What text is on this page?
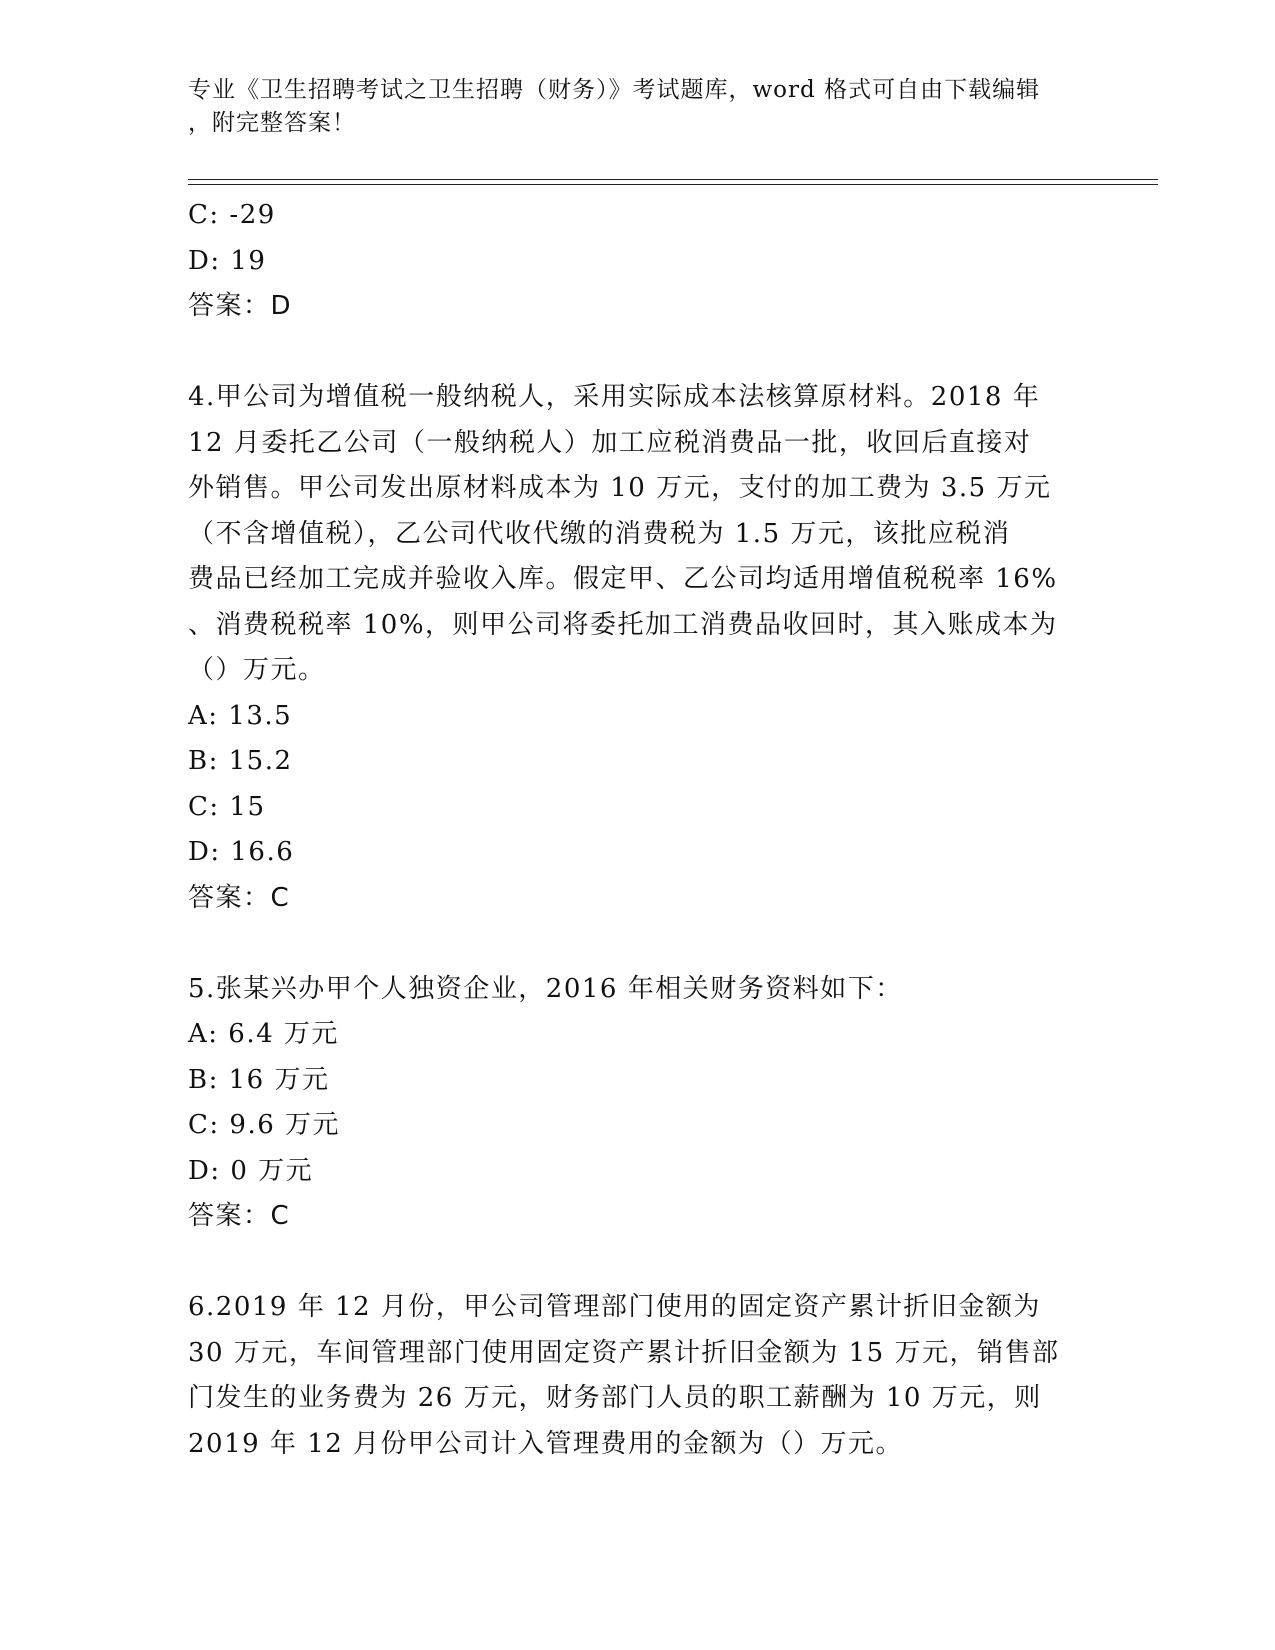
专业《卫生招聘考试之卫生招聘（财务）》考试题库，word 格式可自由下载编辑
，附完整答案！
C: -29
D: 19
答案：D
4.甲公司为增值税一般纳税人，采用实际成本法核算原材料。2018 年
12 月委托乙公司（一般纳税人）加工应税消费品一批，收回后直接对
外销售。甲公司发出原材料成本为 10 万元，支付的加工费为 3.5 万元
（不含增值税），乙公司代收代缴的消费税为 1.5 万元，该批应税消
费品已经加工完成并验收入库。假定甲、乙公司均适用增值税税率 16%
、消费税税率 10%，则甲公司将委托加工消费品收回时，其入账成本为
（）万元。
A: 13.5
B: 15.2
C: 15
D: 16.6
答案：C
5.张某兴办甲个人独资企业，2016 年相关财务资料如下：
A: 6.4 万元
B: 16 万元
C: 9.6 万元
D: 0 万元
答案：C
6.2019 年 12 月份，甲公司管理部门使用的固定资产累计折旧金额为
30 万元，车间管理部门使用固定资产累计折旧金额为 15 万元，销售部
门发生的业务费为 26 万元，财务部门人员的职工薪酬为 10 万元，则
2019 年 12 月份甲公司计入管理费用的金额为（）万元。
